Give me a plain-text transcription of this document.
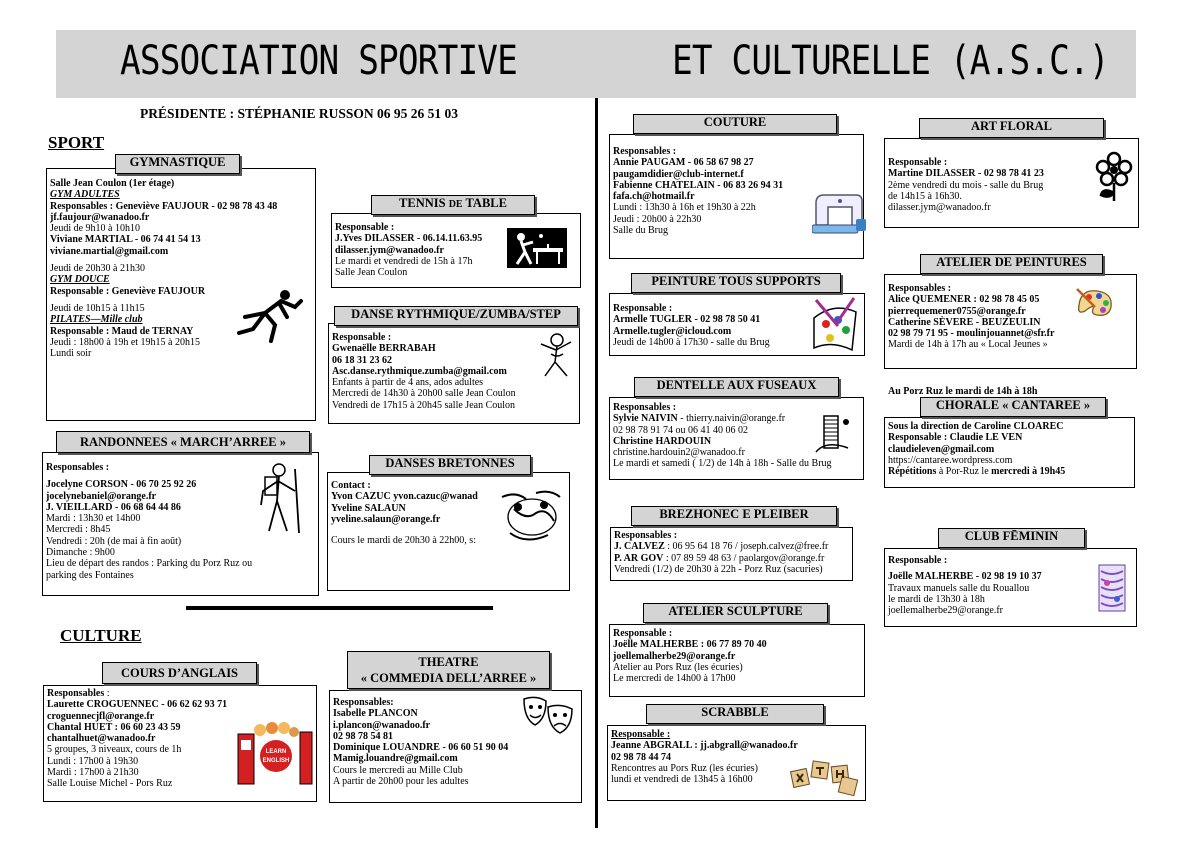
ASSOCIATION SPORTIVE	ET CULTURELLE (A.S.C.)
PRÉSIDENTE : STÉPHANIE RUSSON 06 95 26 51 03
SPORT
CULTURE
Salle Jean Coulon (1er étage)
GYM ADULTES
Responsables : Geneviève FAUJOUR - 02 98 78 43 48
jf.faujour@wanadoo.fr
Jeudi de 9h10 à 10h10
Viviane MARTIAL - 06 74 41 54 13
viviane.martial@gmail.com
Jeudi de 20h30 à 21h30
GYM DOUCE
Responsable : Geneviève FAUJOUR
Jeudi de 10h15 à 11h15
PILATES—Mille club
Responsable : Maud de TERNAY
Jeudi : 18h00 à 19h et 19h15 à 20h15
Lundi soir
GYMNASTIQUE
Responsable :
J.Yves DILASSER - 06.14.11.63.95
dilasser.jym@wanadoo.fr
Le mardi et vendredi de 15h à 17h
Salle Jean Coulon
TENNIS DE TABLE
Responsable :
Gwenaëlle BERRABAH
06 18 31 23 62
Asc.danse.rythmique.zumba@gmail.com
Enfants à partir de 4 ans, ados adultes
Mercredi de 14h30 à 20h00 salle Jean Coulon
Vendredi de 17h15 à 20h45 salle Jean Coulon
DANSE RYTHMIQUE/ZUMBA/STEP
Responsables :
Jocelyne CORSON - 06 70 25 92 26
jocelynebaniel@orange.fr
J. VIEILLARD - 06 68 64 44 86
Mardi : 13h30 et 14h00
Mercredi : 8h45
Vendredi : 20h (de mai à fin août)
Dimanche : 9h00
Lieu de départ des randos : Parking du Porz Ruz ou
parking des Fontaines
RANDONNEES « MARCH’ARREE »
Contact :
Yvon CAZUC yvon.cazuc@wanad
Yveline SALAUN
yveline.salaun@orange.fr
Cours le mardi de 20h30 à 22h00, s:
DANSES BRETONNES
Responsables :
Laurette CROGUENNEC - 06 62 62 93 71
croguennecjfl@orange.fr
Chantal HUET : 06 60 23 43 59
chantalhuet@wanadoo.fr
5 groupes, 3 niveaux, cours de 1h
Lundi : 17h00 à 19h30
Mardi : 17h00 à 21h30
Salle Louise Michel - Pors Ruz
LEARN
ENGLISH
COURS D’ANGLAIS
Responsables:
Isabelle PLANCON
i.plancon@wanadoo.fr
02 98 78 54 81
Dominique LOUANDRE - 06 60 51 90 04
Mamig.louandre@gmail.com
Cours le mercredi au Mille Club
A partir de 20h00 pour les adultes
THEATRE
« COMMEDIA DELL’ARREE »
Responsables :
Annie PAUGAM - 06 58 67 98 27
paugamdidier@club-internet.f
Fabienne CHATELAIN - 06 83 26 94 31
fafa.ch@hotmail.fr
Lundi : 13h30 à 16h et 19h30 à 22h
Jeudi : 20h00 à 22h30
Salle du Brug
COUTURE
Responsable :
Armelle TUGLER - 02 98 78 50 41
Armelle.tugler@icloud.com
Jeudi de 14h00 à 17h30 - salle du Brug
PEINTURE TOUS SUPPORTS
Responsables :
Sylvie NAIVIN - thierry.naivin@orange.fr
02 98 78 91 74 ou 06 41 40 06 02
Christine HARDOUIN
christine.hardouin2@wanadoo.fr
Le mardi et samedi ( 1/2) de 14h à 18h - Salle du Brug
DENTELLE AUX FUSEAUX
Responsables :
J. CALVEZ : 06 95 64 18 76 / joseph.calvez@free.fr
P. AR GOV : 07 89 59 48 63 / paolargov@orange.fr
Vendredi (1/2) de 20h30 à 22h - Porz Ruz (sacuries)
BREZHONEC E PLEIBER
Responsable :
Joëlle MALHERBE : 06 77 89 70 40
joellemalherbe29@orange.fr
Atelier au Pors Ruz (les écuries)
Le mercredi de 14h00 à 17h00
ATELIER SCULPTURE
Responsable :
Jeanne ABGRALL : jj.abgrall@wanadoo.fr
02 98 78 44 74
Rencontres au Pors Ruz (les écuries)
lundi et vendredi de 13h45 à 16h00
SCRABBLE
Responsable :
Martine DILASSER - 02 98 78 41 23
2ème vendredi du mois - salle du Brug
de 14h15 à 16h30.
dilasser.jym@wanadoo.fr
ART FLORAL
Responsables :
Alice QUEMENER : 02 98 78 45 05
pierrequemener0755@orange.fr
Catherine SÈVERE - BEUZEULIN
02 98 79 71 95 - moulinjouannet@sfr.fr
Mardi de 14h à 17h au « Local Jeunes »
ATELIER DE PEINTURES
Au Porz Ruz le mardi de 14h à 18h
Sous la direction de Caroline CLOAREC
Responsable : Claudie LE VEN
claudieleven@gmail.com
https://cantaree.wordpress.com
Répétitions à Por-Ruz le mercredi à 19h45
CHORALE « CANTAREE »
Responsable :
Joëlle MALHERBE - 02 98 19 10 37
Travaux manuels salle du Rouallou
le mardi de 13h30 à 18h
joellemalherbe29@orange.fr
CLUB FĒMININ
